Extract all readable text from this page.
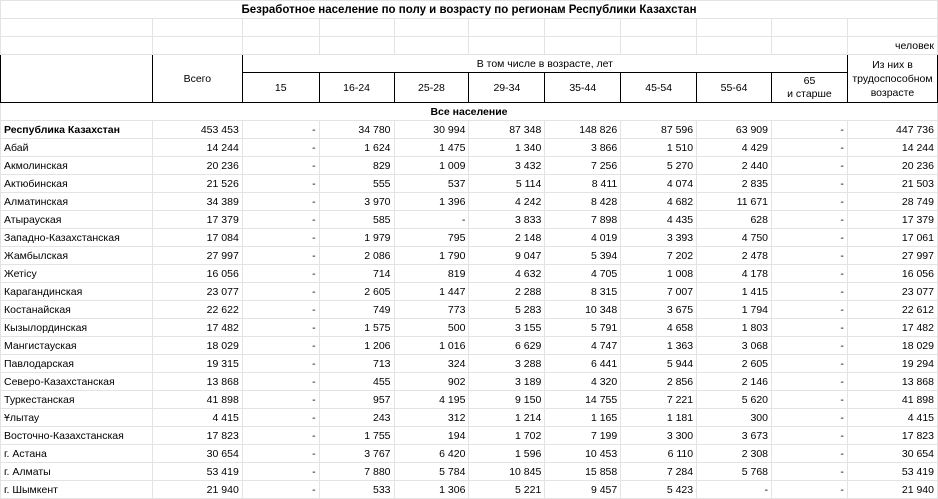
Безработное население по полу и возрасту по регионам Республики Казахстан										

										человек
	Всего	В том числе в возрасте, лет								Из них в трудоспособном возрасте
		15	16-24	25-28	29-34	35-44	45-54	55-64	65
и старше	
Все население										
Республика Казахстан	453 453	-	34 780	30 994	87 348	148 826	87 596	63 909	-	447 736
Абай	14 244	-	1 624	1 475	1 340	3 866	1 510	4 429	-	14 244
Акмолинская	20 236	-	829	1 009	3 432	7 256	5 270	2 440	-	20 236
Актюбинская	21 526	-	555	537	5 114	8 411	4 074	2 835	-	21 503
Алматинская	34 389	-	3 970	1 396	4 242	8 428	4 682	11 671	-	28 749
Атырауская	17 379	-	585	-	3 833	7 898	4 435	628	-	17 379
Западно-Казахстанская	17 084	-	1 979	795	2 148	4 019	3 393	4 750	-	17 061
Жамбылская	27 997	-	2 086	1 790	9 047	5 394	7 202	2 478	-	27 997
Жетісу	16 056	-	714	819	4 632	4 705	1 008	4 178	-	16 056
Карагандинская	23 077	-	2 605	1 447	2 288	8 315	7 007	1 415	-	23 077
Костанайская	22 622	-	749	773	5 283	10 348	3 675	1 794	-	22 612
Кызылординская	17 482	-	1 575	500	3 155	5 791	4 658	1 803	-	17 482
Мангистауская	18 029	-	1 206	1 016	6 629	4 747	1 363	3 068	-	18 029
Павлодарская	19 315	-	713	324	3 288	6 441	5 944	2 605	-	19 294
Северо-Казахстанская	13 868	-	455	902	3 189	4 320	2 856	2 146	-	13 868
Туркестанская	41 898	-	957	4 195	9 150	14 755	7 221	5 620	-	41 898
Ұлытау	4 415	-	243	312	1 214	1 165	1 181	300	-	4 415
Восточно-Казахстанская	17 823	-	1 755	194	1 702	7 199	3 300	3 673	-	17 823
г. Астана	30 654	-	3 767	6 420	1 596	10 453	6 110	2 308	-	30 654
г. Алматы	53 419	-	7 880	5 784	10 845	15 858	7 284	5 768	-	53 419
г. Шымкент	21 940	-	533	1 306	5 221	9 457	5 423	-	-	21 940
